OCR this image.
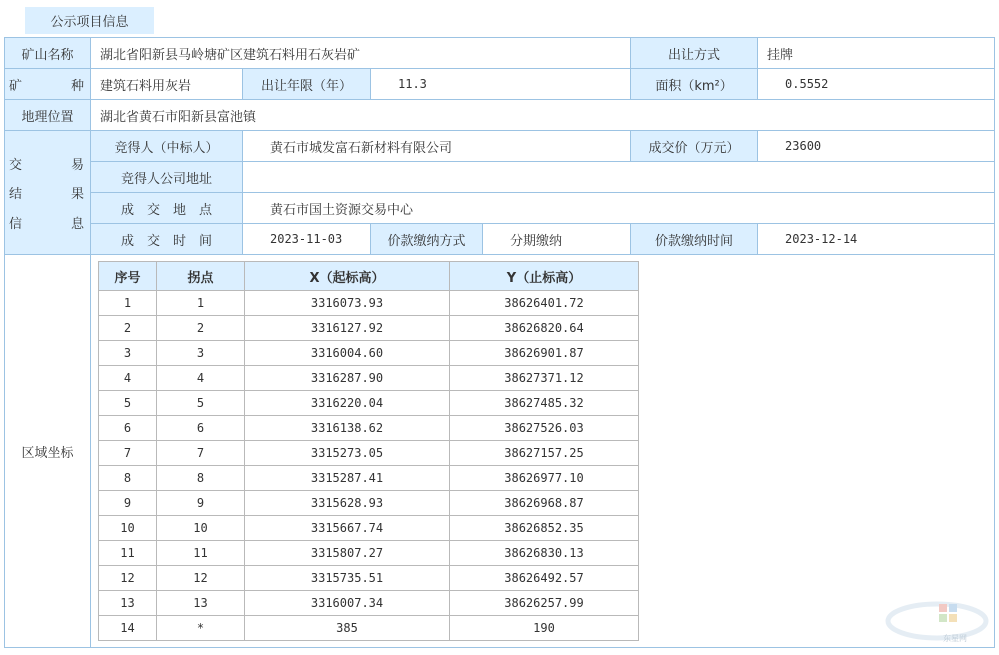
公示项目信息
矿山名称	湖北省阳新县马岭塘矿区建筑石料用石灰岩矿	出让方式	挂牌

矿	种	建筑石料用灰岩	出让年限（年）	11.3	面积（km²）	0.5552
地理位置	湖北省黄石市阳新县富池镇

交	易
结	果
信	息
	竞得人（中标人）	黄石市城发富石新材料有限公司	成交价（万元）	23600
竞得人公司地址	
成　交　地　点	黄石市国土资源交易中心
成　交　时　间	2023-11-03	价款缴纳方式	分期缴纳	价款缴纳时间	2023-12-14
区域坐标	
序号	拐点	X（起标高）	Y（止标高）
1	1	3316073.93	38626401.72
2	2	3316127.92	38626820.64
3	3	3316004.60	38626901.87
4	4	3316287.90	38627371.12
5	5	3316220.04	38627485.32
6	6	3316138.62	38627526.03
7	7	3315273.05	38627157.25
8	8	3315287.41	38626977.10
9	9	3315628.93	38626968.87
10	10	3315667.74	38626852.35
11	11	3315807.27	38626830.13
12	12	3315735.51	38626492.57
13	13	3316007.34	38626257.99
14	*	385	190
东星网
